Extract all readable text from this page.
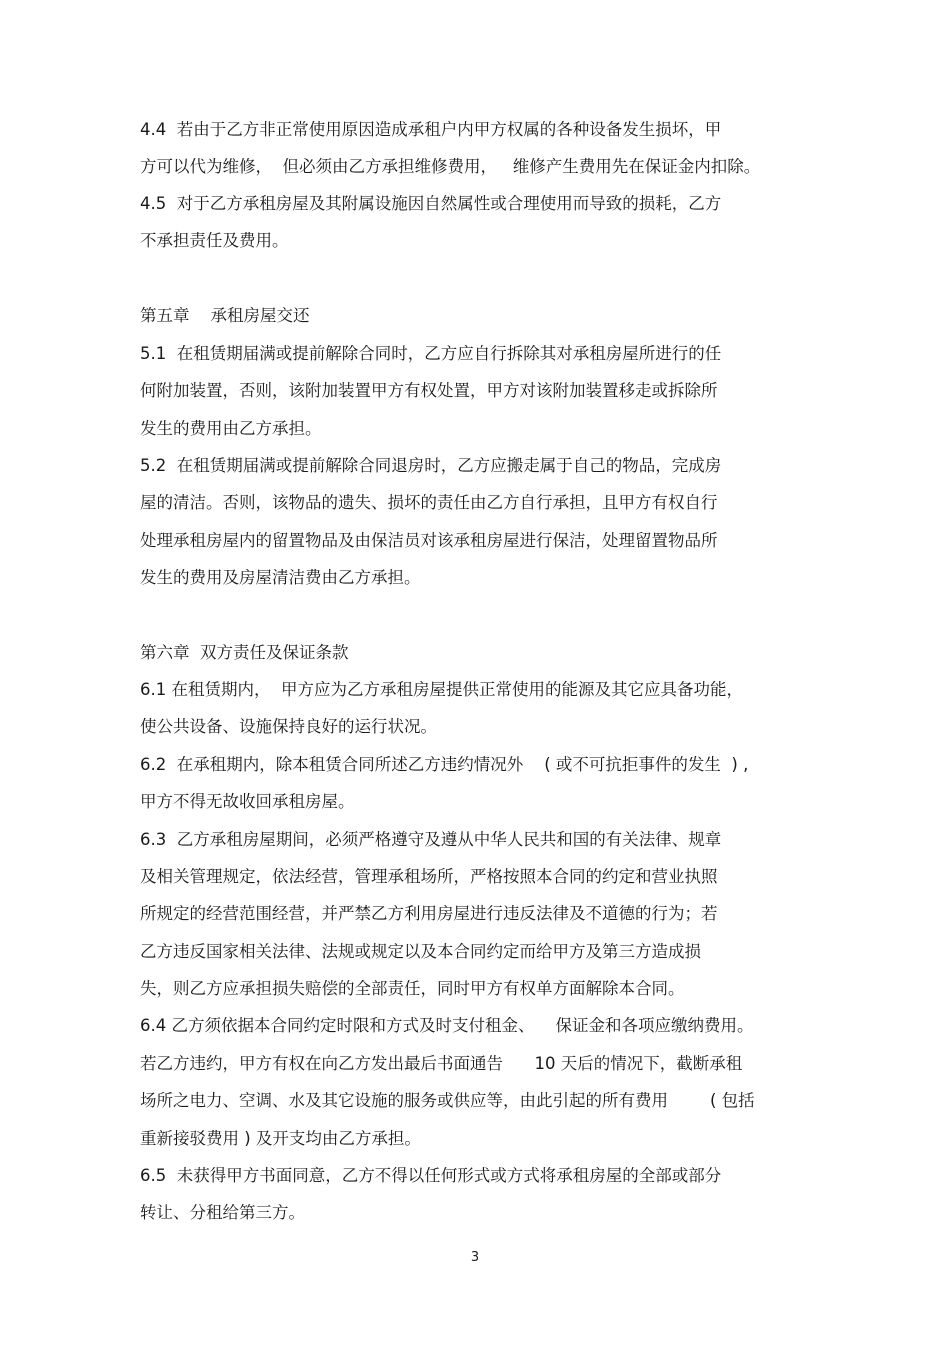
4.4  若由于乙方非正常使用原因造成承租户内甲方权属的各种设备发生损坏，甲
方可以代为维修，  但必须由乙方承担维修费用，   维修产生费用先在保证金内扣除。
4.5  对于乙方承租房屋及其附属设施因自然属性或合理使用而导致的损耗，乙方
不承担责任及费用。
第五章    承租房屋交还
5.1  在租赁期届满或提前解除合同时，乙方应自行拆除其对承租房屋所进行的任
何附加装置，否则，该附加装置甲方有权处置，甲方对该附加装置移走或拆除所
发生的费用由乙方承担。
5.2  在租赁期届满或提前解除合同退房时，乙方应搬走属于自己的物品，完成房
屋的清洁。否则，该物品的遗失、损坏的责任由乙方自行承担，且甲方有权自行
处理承租房屋内的留置物品及由保洁员对该承租房屋进行保洁，处理留置物品所
发生的费用及房屋清洁费由乙方承担。
第六章  双方责任及保证条款
6.1 在租赁期内，  甲方应为乙方承租房屋提供正常使用的能源及其它应具备功能，
使公共设备、设施保持良好的运行状况。
6.2  在承租期内，除本租赁合同所述乙方违约情况外    ( 或不可抗拒事件的发生  ) ,
甲方不得无故收回承租房屋。
6.3  乙方承租房屋期间，必须严格遵守及遵从中华人民共和国的有关法律、规章
及相关管理规定，依法经营，管理承租场所，严格按照本合同的约定和营业执照
所规定的经营范围经营，并严禁乙方利用房屋进行违反法律及不道德的行为；若
乙方违反国家相关法律、法规或规定以及本合同约定而给甲方及第三方造成损
失，则乙方应承担损失赔偿的全部责任，同时甲方有权单方面解除本合同。
6.4 乙方须依据本合同约定时限和方式及时支付租金、    保证金和各项应缴纳费用。
若乙方违约，甲方有权在向乙方发出最后书面通告      10 天后的情况下，截断承租
场所之电力、空调、水及其它设施的服务或供应等，由此引起的所有费用        ( 包括
重新接驳费用 ) 及开支均由乙方承担。
6.5  未获得甲方书面同意，乙方不得以任何形式或方式将承租房屋的全部或部分
转让、分租给第三方。
3
